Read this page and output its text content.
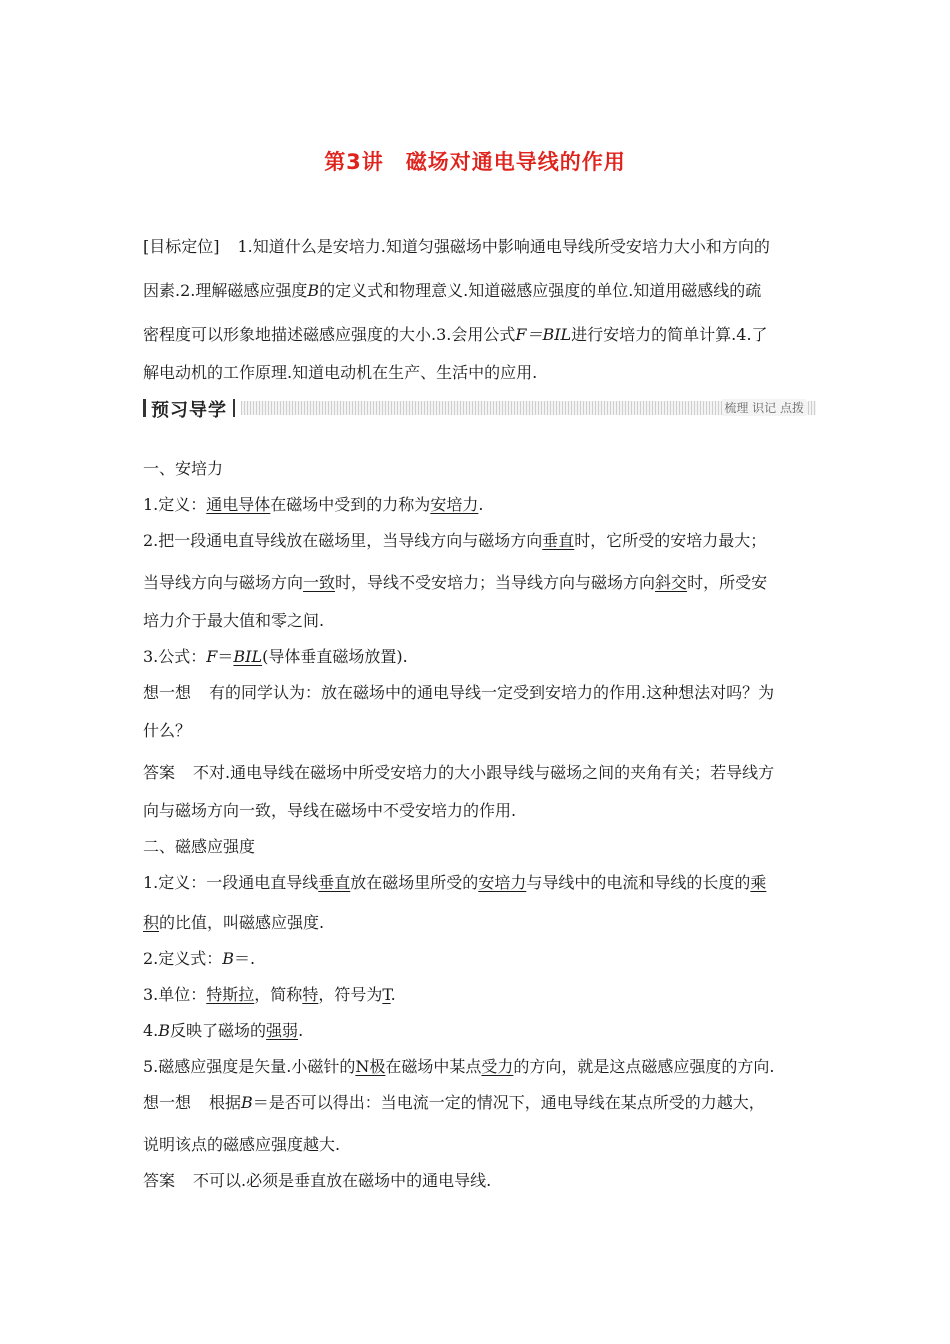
第3讲 磁场对通电导线的作用
[目标定位] 1.知道什么是安培力.知道匀强磁场中影响通电导线所受安培力大小和方向的
因素.2.理解磁感应强度B的定义式和物理意义.知道磁感应强度的单位.知道用磁感线的疏
密程度可以形象地描述磁感应强度的大小.3.会用公式F＝BIL进行安培力的简单计算.4.了
解电动机的工作原理.知道电动机在生产、生活中的应用.
预习导学	梳理 识记 点拨
一、安培力
1.定义：通电导体在磁场中受到的力称为安培力.
2.把一段通电直导线放在磁场里，当导线方向与磁场方向垂直时，它所受的安培力最大；
当导线方向与磁场方向一致时，导线不受安培力；当导线方向与磁场方向斜交时，所受安
培力介于最大值和零之间.
3.公式：F＝BIL(导体垂直磁场放置).
想一想 有的同学认为：放在磁场中的通电导线一定受到安培力的作用.这种想法对吗？为
什么？
答案 不对.通电导线在磁场中所受安培力的大小跟导线与磁场之间的夹角有关；若导线方
向与磁场方向一致，导线在磁场中不受安培力的作用.
二、磁感应强度
1.定义：一段通电直导线垂直放在磁场里所受的安培力与导线中的电流和导线的长度的乘
积的比值，叫磁感应强度.
2.定义式：B＝.
3.单位：特斯拉，简称特，符号为T.
4.B反映了磁场的强弱.
5.磁感应强度是矢量.小磁针的N极在磁场中某点受力的方向，就是这点磁感应强度的方向.
想一想 根据B＝是否可以得出：当电流一定的情况下，通电导线在某点所受的力越大，
说明该点的磁感应强度越大.
答案 不可以.必须是垂直放在磁场中的通电导线.
